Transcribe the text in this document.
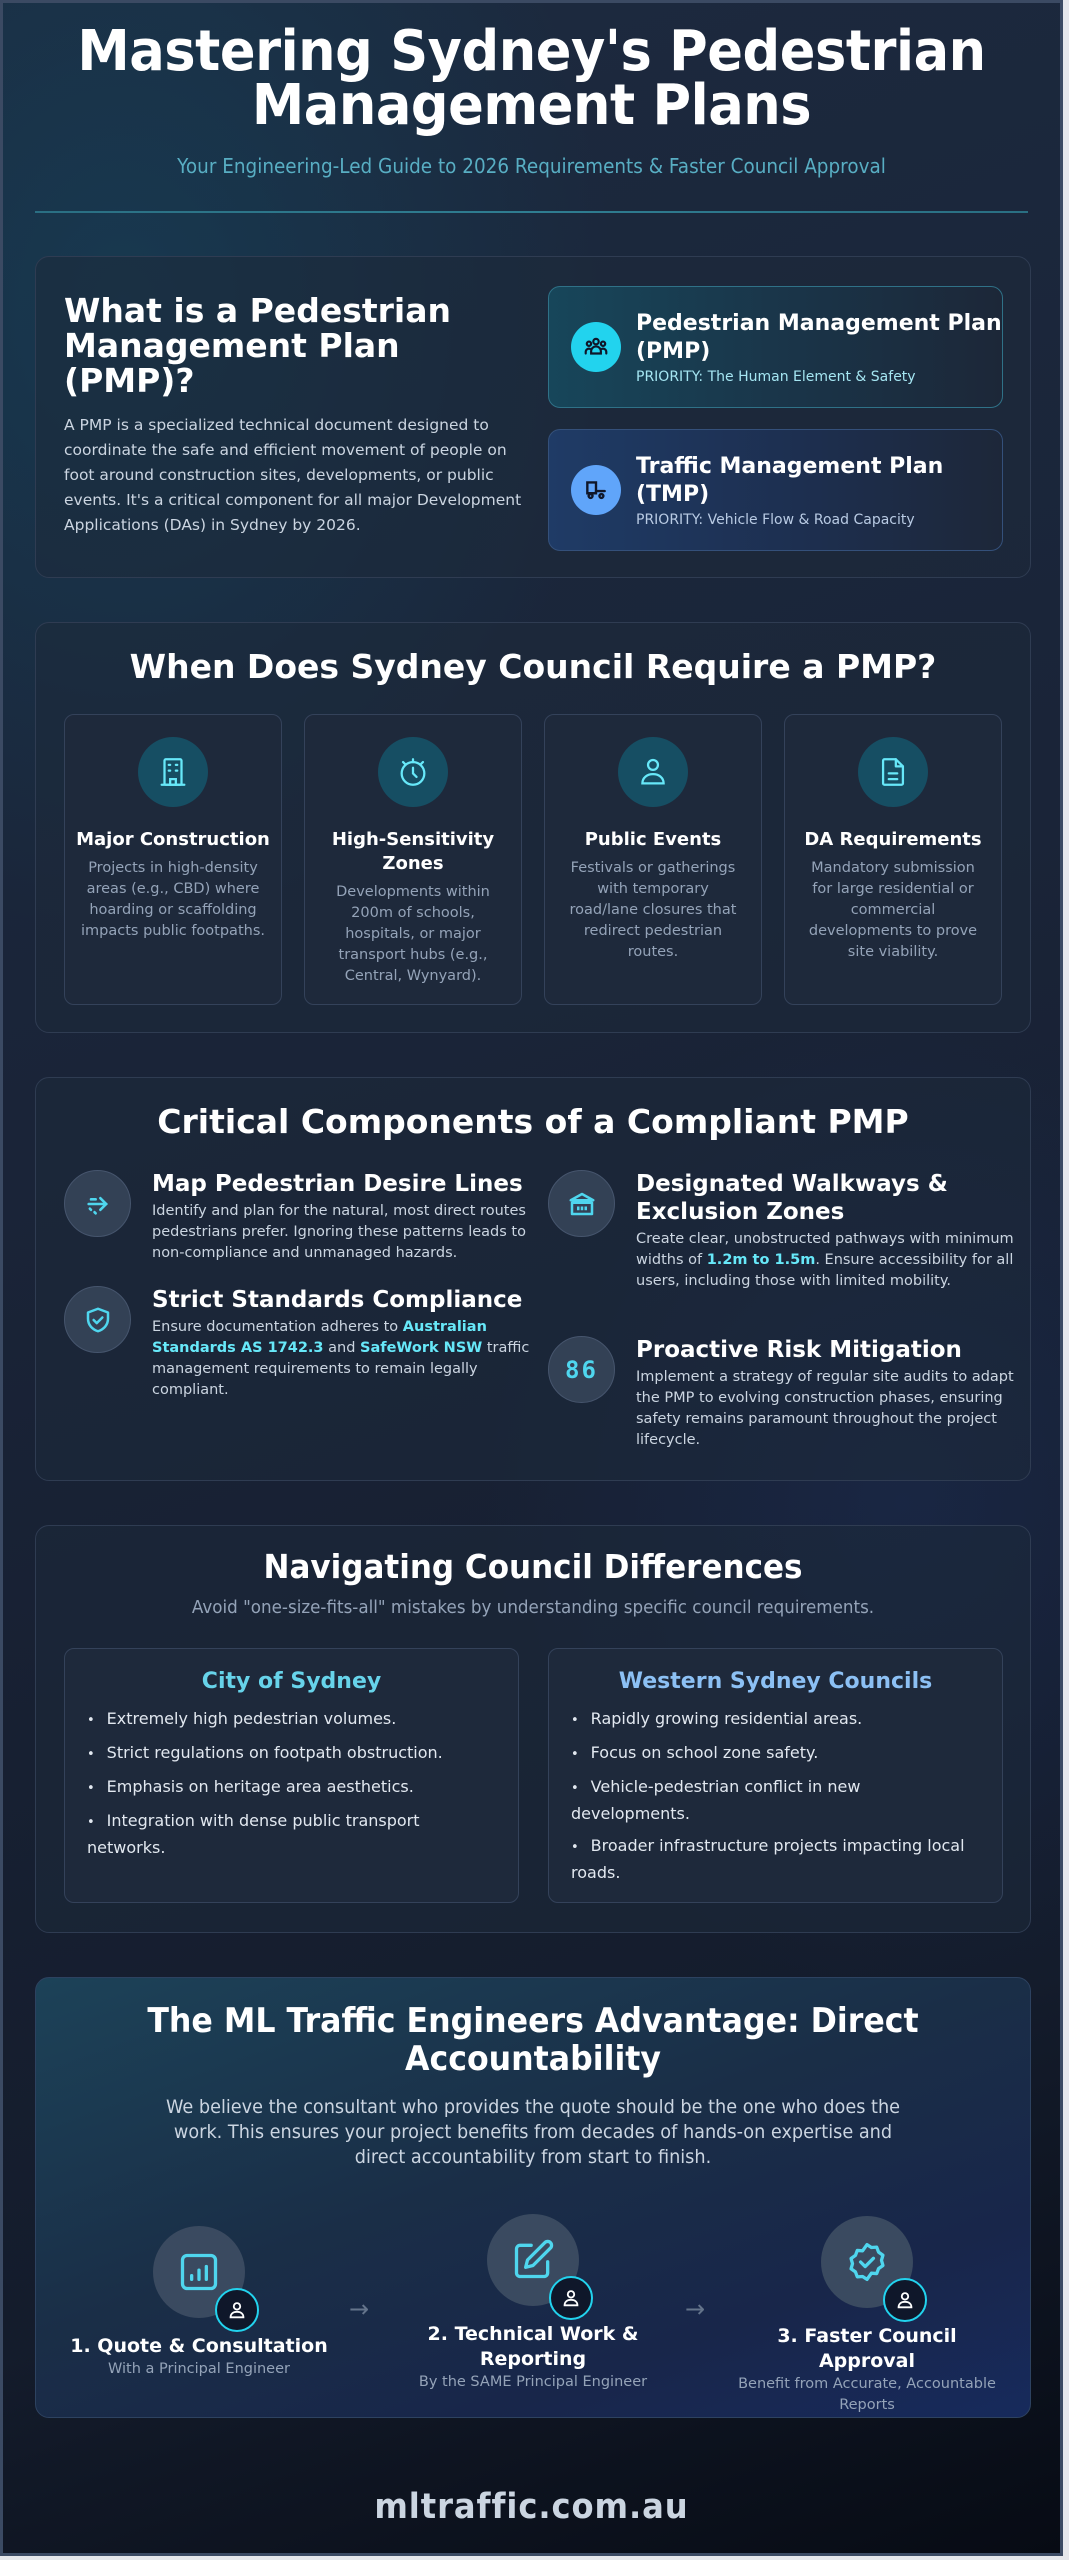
Mastering Sydney's Pedestrian Management Plans
Your Engineering-Led Guide to 2026 Requirements & Faster Council Approval
What is a Pedestrian Management Plan (PMP)?

A PMP is a specialized technical document designed to coordinate the safe and efficient movement of people on foot around construction sites, developments, or public events. It's a critical component for all major Development Applications (DAs) in Sydney by 2026.

Pedestrian Management Plan (PMP)
PRIORITY: The Human Element & Safety
Traffic Management Plan (TMP)
PRIORITY: Vehicle Flow & Road Capacity
When Does Sydney Council Require a PMP?
Major Construction
Projects in high-density areas (e.g., CBD) where hoarding or scaffolding impacts public footpaths.
High-Sensitivity Zones
Developments within 200m of schools, hospitals, or major transport hubs (e.g., Central, Wynyard).
Public Events
Festivals or gatherings with temporary road/lane closures that redirect pedestrian routes.
DA Requirements
Mandatory submission for large residential or commercial developments to prove site viability.
Critical Components of a Compliant PMP
Map Pedestrian Desire Lines
Identify and plan for the natural, most direct routes pedestrians prefer. Ignoring these patterns leads to non-compliance and unmanaged hazards.
Strict Standards Compliance
Ensure documentation adheres to Australian Standards AS 1742.3 and SafeWork NSW traffic management requirements to remain legally compliant.
Designated Walkways & Exclusion Zones
Create clear, unobstructed pathways with minimum widths of 1.2m to 1.5m. Ensure accessibility for all users, including those with limited mobility.
86
Proactive Risk Mitigation
Implement a strategy of regular site audits to adapt the PMP to evolving construction phases, ensuring safety remains paramount throughout the project lifecycle.
Navigating Council Differences
Avoid "one-size-fits-all" mistakes by understanding specific council requirements.
City of Sydney
• Extremely high pedestrian volumes.
• Strict regulations on footpath obstruction.
• Emphasis on heritage area aesthetics.
• Integration with dense public transport networks.
Western Sydney Councils
• Rapidly growing residential areas.
• Focus on school zone safety.
• Vehicle-pedestrian conflict in new developments.
• Broader infrastructure projects impacting local roads.
The ML Traffic Engineers Advantage: Direct Accountability

We believe the consultant who provides the quote should be the one who does the work. This ensures your project benefits from decades of hands-on expertise and direct accountability from start to finish.

1. Quote & Consultation
With a Principal Engineer
→
2. Technical Work & Reporting
By the SAME Principal Engineer
→
3. Faster Council Approval
Benefit from Accurate, Accountable Reports
mltraffic.com.au
